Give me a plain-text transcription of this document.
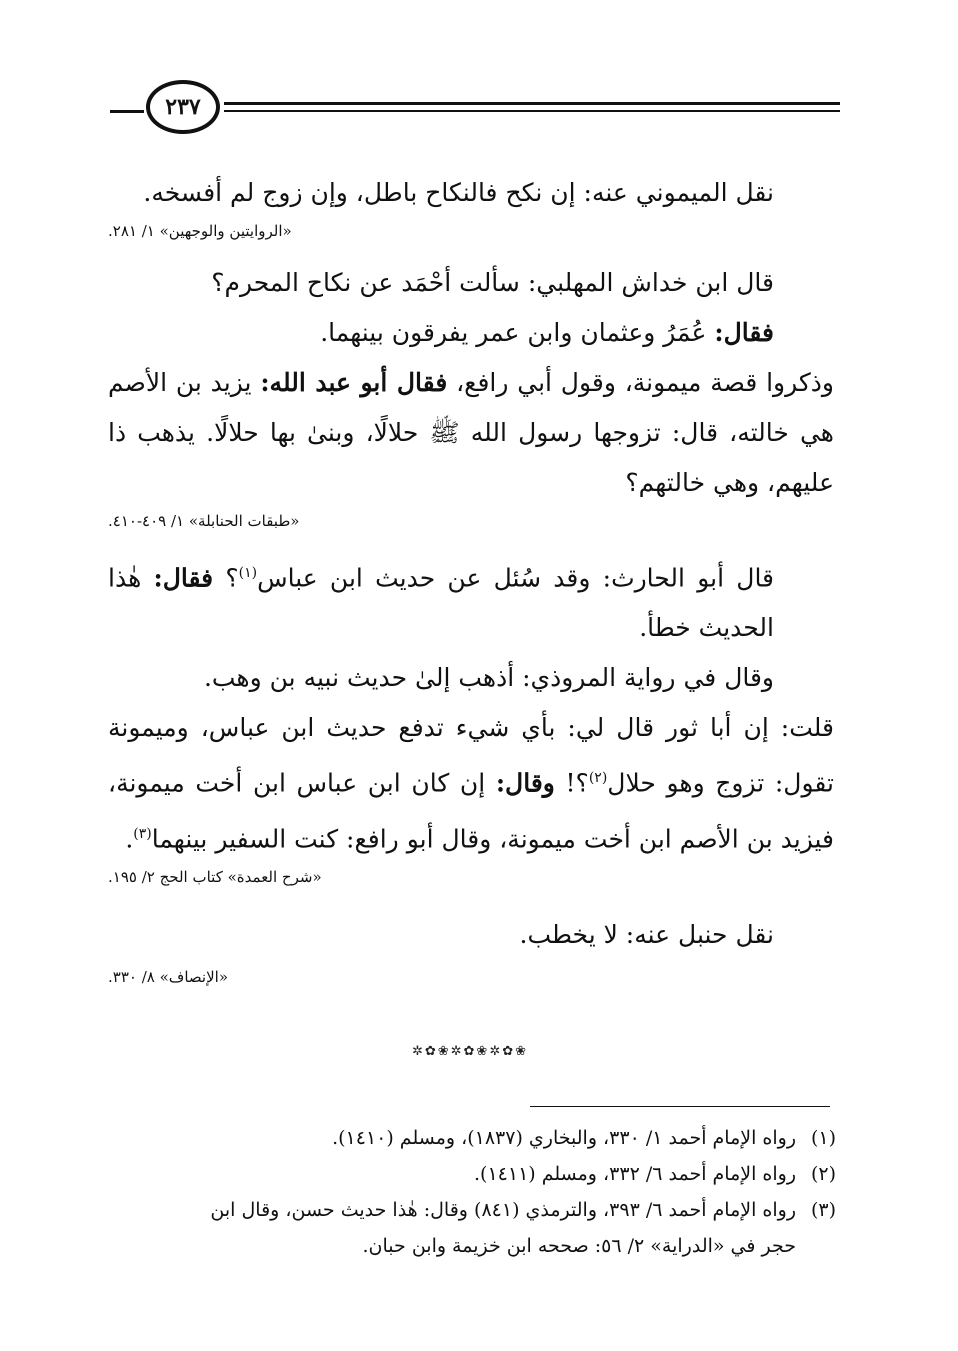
٢٣٧

نقل الميموني عنه: إن نكح فالنكاح باطل، وإن زوج لم أفسخه.

«الروايتين والوجهين» ١/ ٢٨١.

قال ابن خداش المهلبي: سألت أحْمَد عن نكاح المحرم؟

فقال: عُمَرُ وعثمان وابن عمر يفرقون بينهما.

وذكروا قصة ميمونة، وقول أبي رافع، فقال أبو عبد الله: يزيد بن الأصم هي خالته، قال: تزوجها رسول الله ﷺ حلالًا، وبنىٰ بها حلالًا. يذهب ذا عليهم، وهي خالتهم؟

«طبقات الحنابلة» ١/ ٤٠٩-٤١٠.

قال أبو الحارث: وقد سُئل عن حديث ابن عباس$^{(١)}$؟ فقال: هٰذا الحديث خطأ.

وقال في رواية المروذي: أذهب إلىٰ حديث نبيه بن وهب.

قلت: إن أبا ثور قال لي: بأي شيء تدفع حديث ابن عباس، وميمونة تقول: تزوج وهو حلال$^{(٢)}$؟! وقال: إن كان ابن عباس ابن أخت ميمونة، فيزيد بن الأصم ابن أخت ميمونة، وقال أبو رافع: كنت السفير بينهما$^{(٣)}$.

«شرح العمدة» كتاب الحج ٢/ ١٩٥.

نقل حنبل عنه: لا يخطب.

«الإنصاف» ٨/ ٣٣٠.

✲✿❀✲✿❀✲✿❀

(١)رواه الإمام أحمد ١/ ٣٣٠، والبخاري (١٨٣٧)، ومسلم (١٤١٠).

(٢)رواه الإمام أحمد ٦/ ٣٣٢، ومسلم (١٤١١).

(٣)رواه الإمام أحمد ٦/ ٣٩٣، والترمذي (٨٤١) وقال: هٰذا حديث حسن، وقال ابن

حجر في «الدراية» ٢/ ٥٦: صححه ابن خزيمة وابن حبان.
